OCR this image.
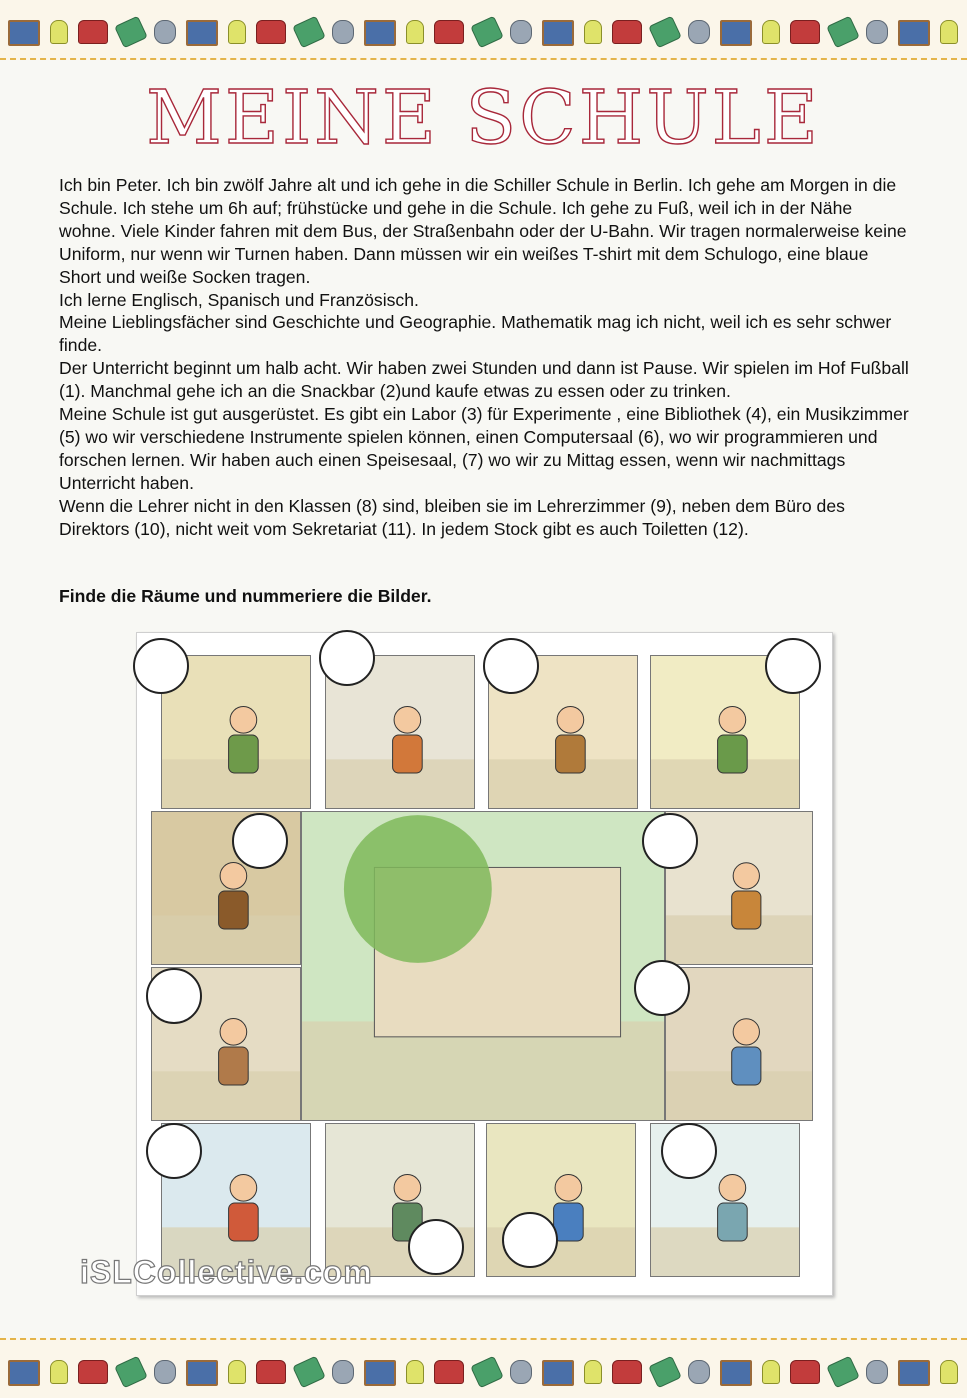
MEINE SCHULE

Ich bin Peter. Ich bin zwölf Jahre alt und ich gehe in die Schiller Schule in Berlin. Ich gehe am Morgen in die Schule. Ich stehe um 6h auf; frühstücke und gehe in die Schule. Ich gehe zu Fuß, weil ich in der Nähe wohne. Viele Kinder fahren mit dem Bus, der Straßenbahn oder der U-Bahn. Wir tragen normalerweise keine Uniform, nur wenn wir Turnen haben. Dann müssen wir ein weißes T-shirt mit dem Schulogo, eine blaue Short und weiße Socken tragen.

Ich lerne Englisch, Spanisch und Französisch.

Meine Lieblingsfächer sind Geschichte und Geographie. Mathematik mag ich nicht, weil ich es sehr schwer finde.

Der Unterricht beginnt um halb acht. Wir haben zwei Stunden und dann ist Pause. Wir spielen im Hof Fußball (1). Manchmal gehe ich an die Snackbar (2)und kaufe etwas zu essen oder zu trinken.

Meine Schule ist gut ausgerüstet. Es gibt ein Labor (3) für Experimente , eine Bibliothek (4), ein Musikzimmer (5) wo wir verschiedene Instrumente spielen können, einen Computersaal (6), wo wir programmieren und forschen lernen. Wir haben auch einen Speisesaal, (7) wo wir zu Mittag essen, wenn wir nachmittags Unterricht haben.

Wenn die Lehrer nicht in den Klassen (8) sind, bleiben sie im Lehrerzimmer (9), neben dem Büro des Direktors (10), nicht weit vom Sekretariat (11). In jedem Stock gibt es auch Toiletten (12).

Finde die Räume und nummeriere die Bilder.
iSLCollective.com
